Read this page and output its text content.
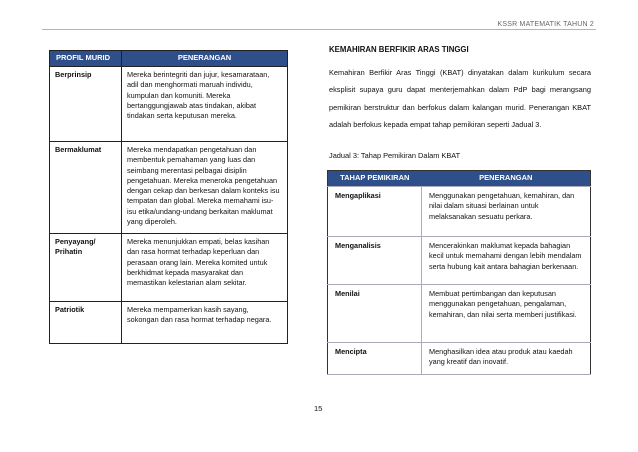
KSSR MATEMATIK TAHUN 2
PROFIL MURID	PENERANGAN
Berprinsip	Mereka berintegriti dan jujur, kesamarataan, adil dan menghormati maruah individu, kumpulan dan komuniti. Mereka bertanggungjawab atas tindakan, akibat tindakan serta keputusan mereka.
Bermaklumat	Mereka mendapatkan pengetahuan dan membentuk pemahaman yang luas dan seimbang merentasi pelbagai disiplin pengetahuan. Mereka meneroka pengetahuan dengan cekap dan berkesan dalam konteks isu tempatan dan global. Mereka memahami isu-isu etika/undang-undang berkaitan maklumat yang diperoleh.
Penyayang/ Prihatin	Mereka menunjukkan empati, belas kasihan dan rasa hormat terhadap keperluan dan perasaan orang lain. Mereka komited untuk berkhidmat kepada masyarakat dan memastikan kelestarian alam sekitar.
Patriotik	Mereka mempamerkan kasih sayang, sokongan dan rasa hormat terhadap negara.
KEMAHIRAN BERFIKIR ARAS TINGGI
Kemahiran Berfikir Aras Tinggi (KBAT) dinyatakan dalam kurikulum secara eksplisit supaya guru dapat menterjemahkan dalam PdP bagi merangsang pemikiran berstruktur dan berfokus dalam kalangan murid. Penerangan KBAT adalah berfokus kepada empat tahap pemikiran seperti Jadual 3.
Jadual 3: Tahap Pemikiran Dalam KBAT
TAHAP PEMIKIRAN	PENERANGAN
Mengaplikasi	Menggunakan pengetahuan, kemahiran, dan nilai dalam situasi berlainan untuk melaksanakan sesuatu perkara.
Menganalisis	Mencerakinkan maklumat kepada bahagian kecil untuk memahami dengan lebih mendalam serta hubung kait antara bahagian berkenaan.
Menilai	Membuat pertimbangan dan keputusan menggunakan pengetahuan, pengalaman, kemahiran, dan nilai serta memberi justifikasi.
Mencipta	Menghasilkan idea atau produk atau kaedah yang kreatif dan inovatif.
15
